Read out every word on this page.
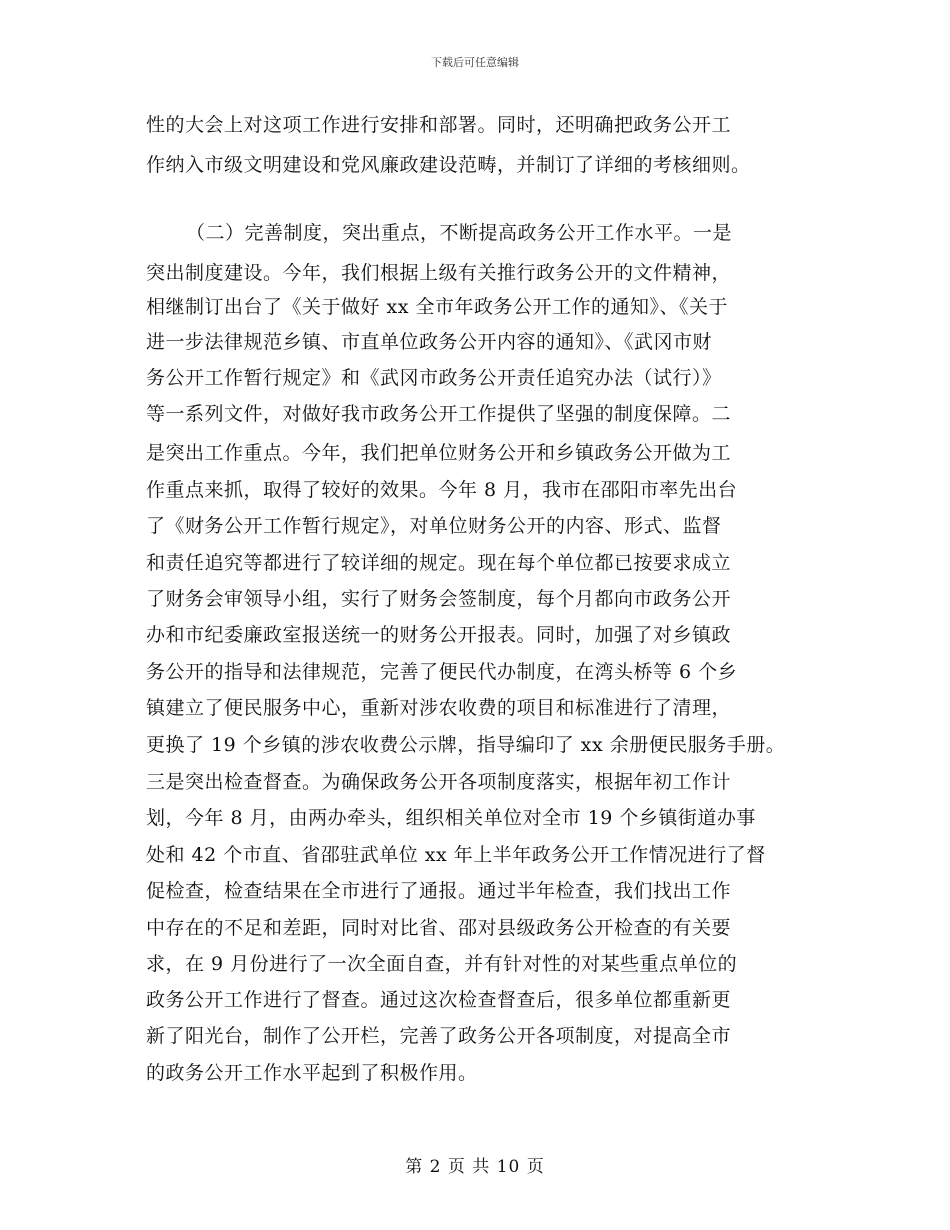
下载后可任意编辑
性的大会上对这项工作进行安排和部署。同时，还明确把政务公开工
作纳入市级文明建设和党风廉政建设范畴，并制订了详细的考核细则。
（二）完善制度，突出重点，不断提高政务公开工作水平。一是
突出制度建设。今年，我们根据上级有关推行政务公开的文件精神，
相继制订出台了《关于做好 xx 全市年政务公开工作的通知》、《关于
进一步法律规范乡镇、市直单位政务公开内容的通知》、《武冈市财
务公开工作暂行规定》和《武冈市政务公开责任追究办法（试行）》
等一系列文件，对做好我市政务公开工作提供了坚强的制度保障。二
是突出工作重点。今年，我们把单位财务公开和乡镇政务公开做为工
作重点来抓，取得了较好的效果。今年 8 月，我市在邵阳市率先出台
了《财务公开工作暂行规定》，对单位财务公开的内容、形式、监督
和责任追究等都进行了较详细的规定。现在每个单位都已按要求成立
了财务会审领导小组，实行了财务会签制度，每个月都向市政务公开
办和市纪委廉政室报送统一的财务公开报表。同时，加强了对乡镇政
务公开的指导和法律规范，完善了便民代办制度，在湾头桥等 6 个乡
镇建立了便民服务中心，重新对涉农收费的项目和标准进行了清理，
更换了 19 个乡镇的涉农收费公示牌，指导编印了 xx 余册便民服务手册。
三是突出检查督查。为确保政务公开各项制度落实，根据年初工作计
划，今年 8 月，由两办牵头，组织相关单位对全市 19 个乡镇街道办事
处和 42 个市直、省邵驻武单位 xx 年上半年政务公开工作情况进行了督
促检查，检查结果在全市进行了通报。通过半年检查，我们找出工作
中存在的不足和差距，同时对比省、邵对县级政务公开检查的有关要
求，在 9 月份进行了一次全面自查，并有针对性的对某些重点单位的
政务公开工作进行了督查。通过这次检查督查后，很多单位都重新更
新了阳光台，制作了公开栏，完善了政务公开各项制度，对提高全市
的政务公开工作水平起到了积极作用。
第 2 页 共 10 页
